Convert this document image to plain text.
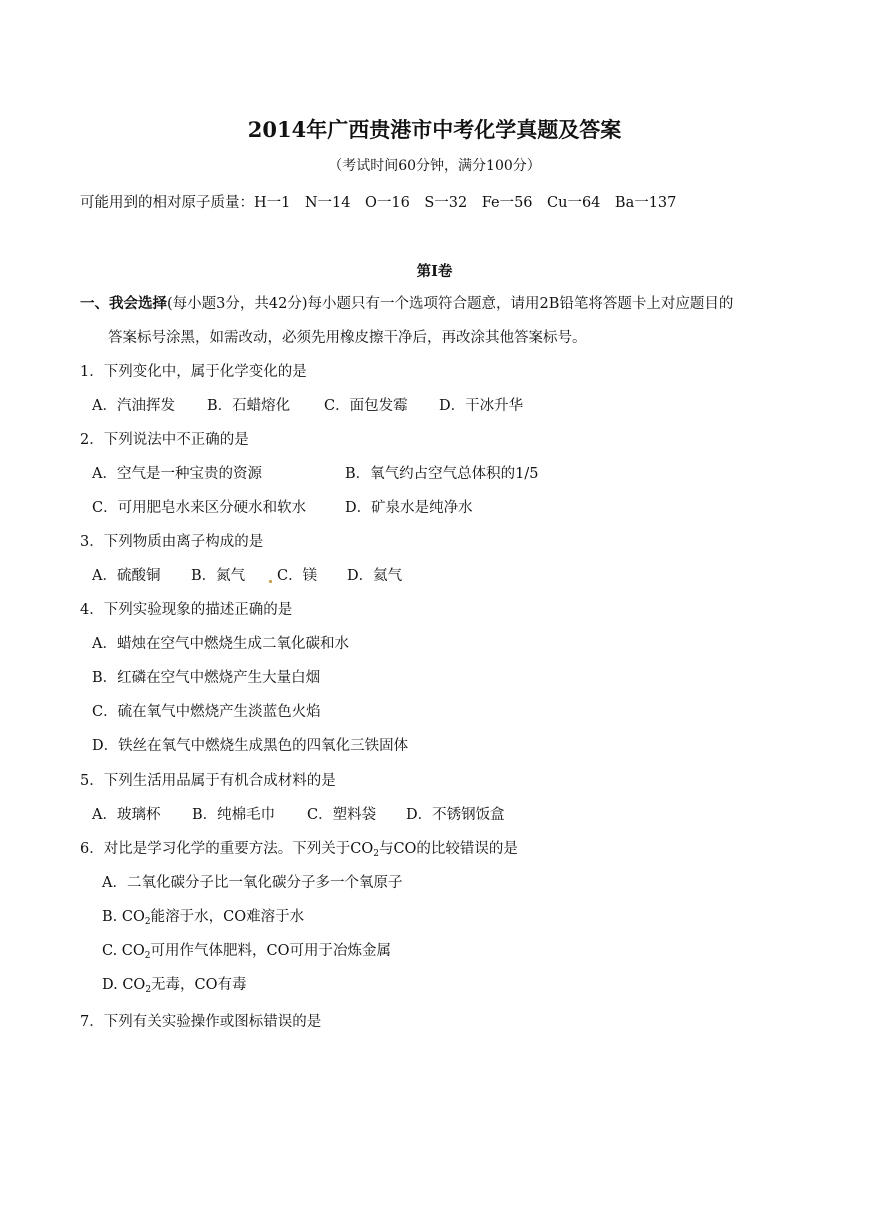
2014年广西贵港市中考化学真题及答案
（考试时间60分钟，满分100分）
可能用到的相对原子质量：H一1　N一14　O一16　S一32　Fe一56　Cu一64　Ba一137
第I卷
一、我会选择(每小题3分，共42分)每小题只有一个选项符合题意，请用2B铅笔将答题卡上对应题目的
答案标号涂黑，如需改动，必须先用橡皮擦干净后，再改涂其他答案标号。
1．下列变化中，属于化学变化的是
A．汽油挥发 B．石蜡熔化 C．面包发霉 D．干冰升华
2．下列说法中不正确的是
A．空气是一种宝贵的资源	B．氧气约占空气总体积的1/5
C．可用肥皂水来区分硬水和软水	D．矿泉水是纯净水
3．下列物质由离子构成的是
A．硫酸铜 B．氮气 C．镁 D．氦气
4．下列实验现象的描述正确的是
A．蜡烛在空气中燃烧生成二氧化碳和水
B．红磷在空气中燃烧产生大量白烟
C．硫在氧气中燃烧产生淡蓝色火焰
D．铁丝在氧气中燃烧生成黑色的四氧化三铁固体
5．下列生活用品属于有机合成材料的是
A．玻璃杯 B．纯棉毛巾 C．塑料袋 D．不锈钢饭盒
6．对比是学习化学的重要方法。下列关于$CO_2$与CO的比较错误的是
A．二氧化碳分子比一氧化碳分子多一个氧原子
B. $CO_2$能溶于水，CO难溶于水
C. $CO_2$可用作气体肥料，CO可用于冶炼金属
D. $CO_2$无毒，CO有毒
7．下列有关实验操作或图标错误的是
